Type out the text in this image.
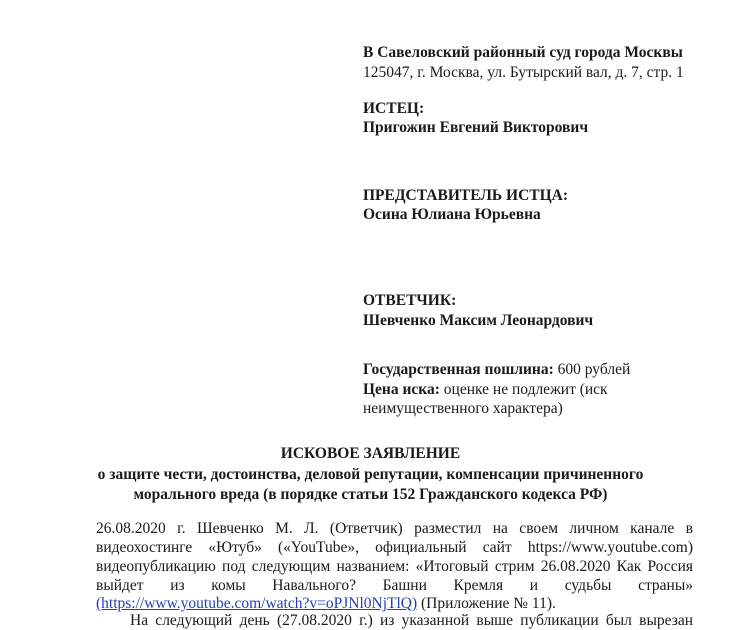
В Савеловский районный суд города Москвы
125047, г. Москва, ул. Бутырский вал, д. 7, стр. 1
ИСТЕЦ:
Пригожин Евгений Викторович
ПРЕДСТАВИТЕЛЬ ИСТЦА:
Осина Юлиана Юрьевна
ОТВЕТЧИК:
Шевченко Максим Леонардович
Государственная пошлина: 600 рублей
Цена иска: оценке не подлежит (иск
неимущественного характера)
ИСКОВОЕ ЗАЯВЛЕНИЕ
о защите чести, достоинства, деловой репутации, компенсации причиненного
морального вреда (в порядке статьи 152 Гражданского кодекса РФ)
26.08.2020 г. Шевченко М. Л. (Ответчик) разместил на своем личном канале в
видеохостинге «Ютуб» («YouTube», официальный сайт https://www.youtube.com)
видеопубликацию под следующим названием: «Итоговый стрим 26.08.2020 Как Россия
выйдет из комы Навального? Башни Кремля и судьбы страны»
(https://www.youtube.com/watch?v=oPJNl0NjTlQ) (Приложение № 11).
На следующий день (27.08.2020 г.) из указанной выше публикации был вырезан
